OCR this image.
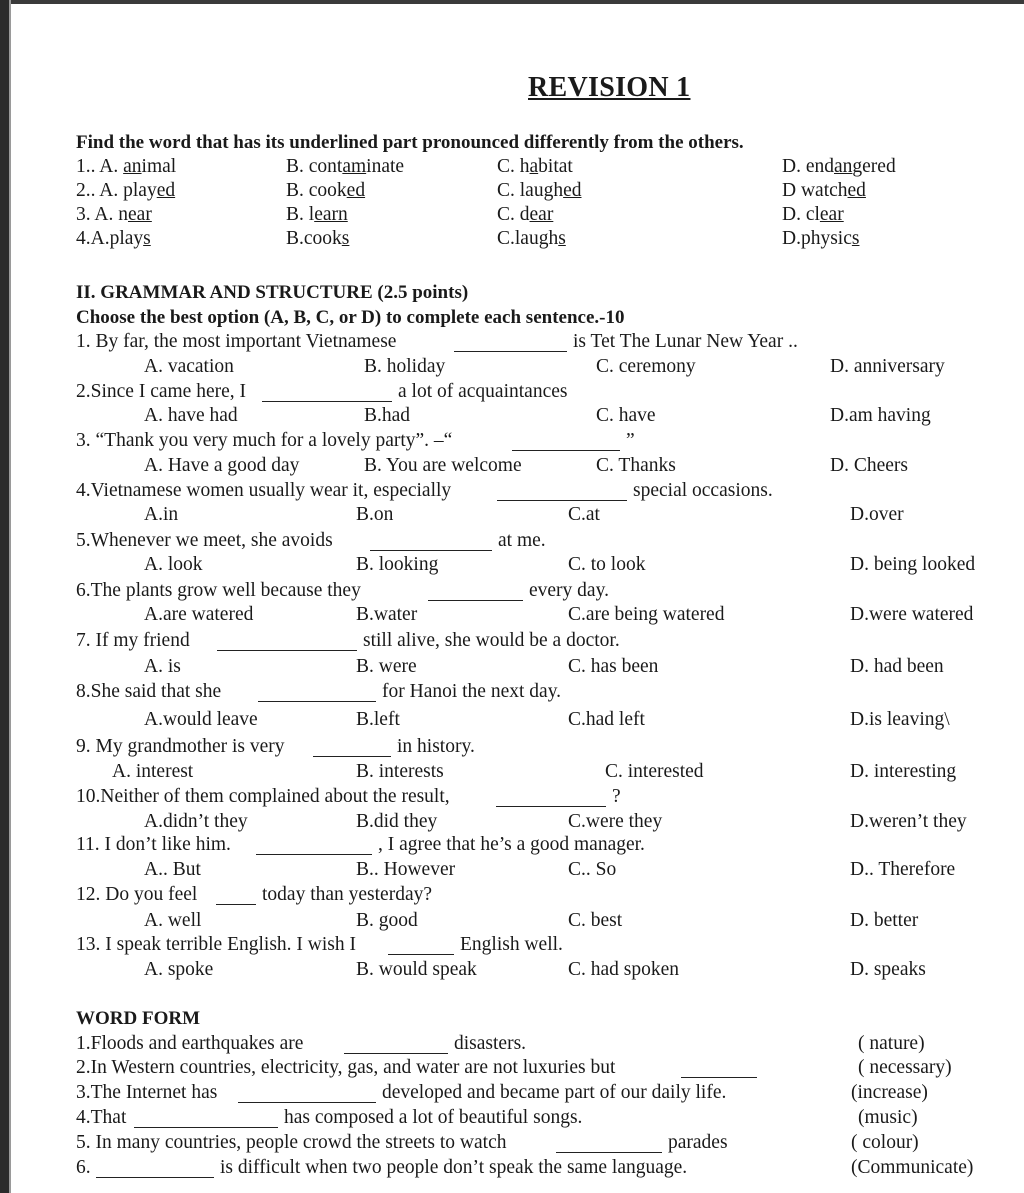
REVISION 1
Find the word that has its underlined part pronounced differently from the others.
1.. A. animal	B. contaminate	C. habitat	D. endangered
2.. A. played	B. cooked	C. laughed	D watched
3. A. near	B. learn	C. dear	D. clear
4.A.plays	B.cooks	C.laughs	D.physics
II. GRAMMAR AND STRUCTURE (2.5 points)
Choose the best option (A, B, C, or D) to complete each sentence.-10
1. By far, the most important Vietnamese	is Tet The Lunar New Year ..
A. vacation	B. holiday	C. ceremony	D. anniversary
2.Since I came here, I	a lot of acquaintances
A. have had	B.had	C. have	D.am having
3. “Thank you very much for a lovely party”. –“	”
A. Have a good day	B. You are welcome	C. Thanks	D. Cheers
4.Vietnamese women usually wear it, especially	special occasions.
A.in	B.on	C.at	D.over
5.Whenever we meet, she avoids	at me.
A. look	B. looking	C. to look	D. being looked
6.The plants grow well because they	every day.
A.are watered	B.water	C.are being watered	D.were watered
7. If my friend	still alive, she would be a doctor.
A. is	B. were	C. has been	D. had been
8.She said that she	for Hanoi the next day.
A.would leave	B.left	C.had left	D.is leaving\
9. My grandmother is very	in history.
A. interest	B. interests	C. interested	D. interesting
10.Neither of them complained about the result,	?
A.didn’t they	B.did they	C.were they	D.weren’t they
11. I don’t like him.	, I agree that he’s a good manager.
A.. But	B.. However	C.. So	D.. Therefore
12. Do you feel	today than yesterday?
A. well	B. good	C. best	D. better
13. I speak terrible English. I wish I	English well.
A. spoke	B. would speak	C. had spoken	D. speaks
WORD FORM
1.Floods and earthquakes are	disasters.	( nature)
2.In Western countries, electricity, gas, and water are not luxuries but	( necessary)
3.The Internet has	developed and became part of our daily life.	(increase)
4.That	has composed a lot of beautiful songs.	(music)
5. In many countries, people crowd the streets to watch	parades	( colour)
6.	is difficult when two people don’t speak the same language.	(Communicate)
